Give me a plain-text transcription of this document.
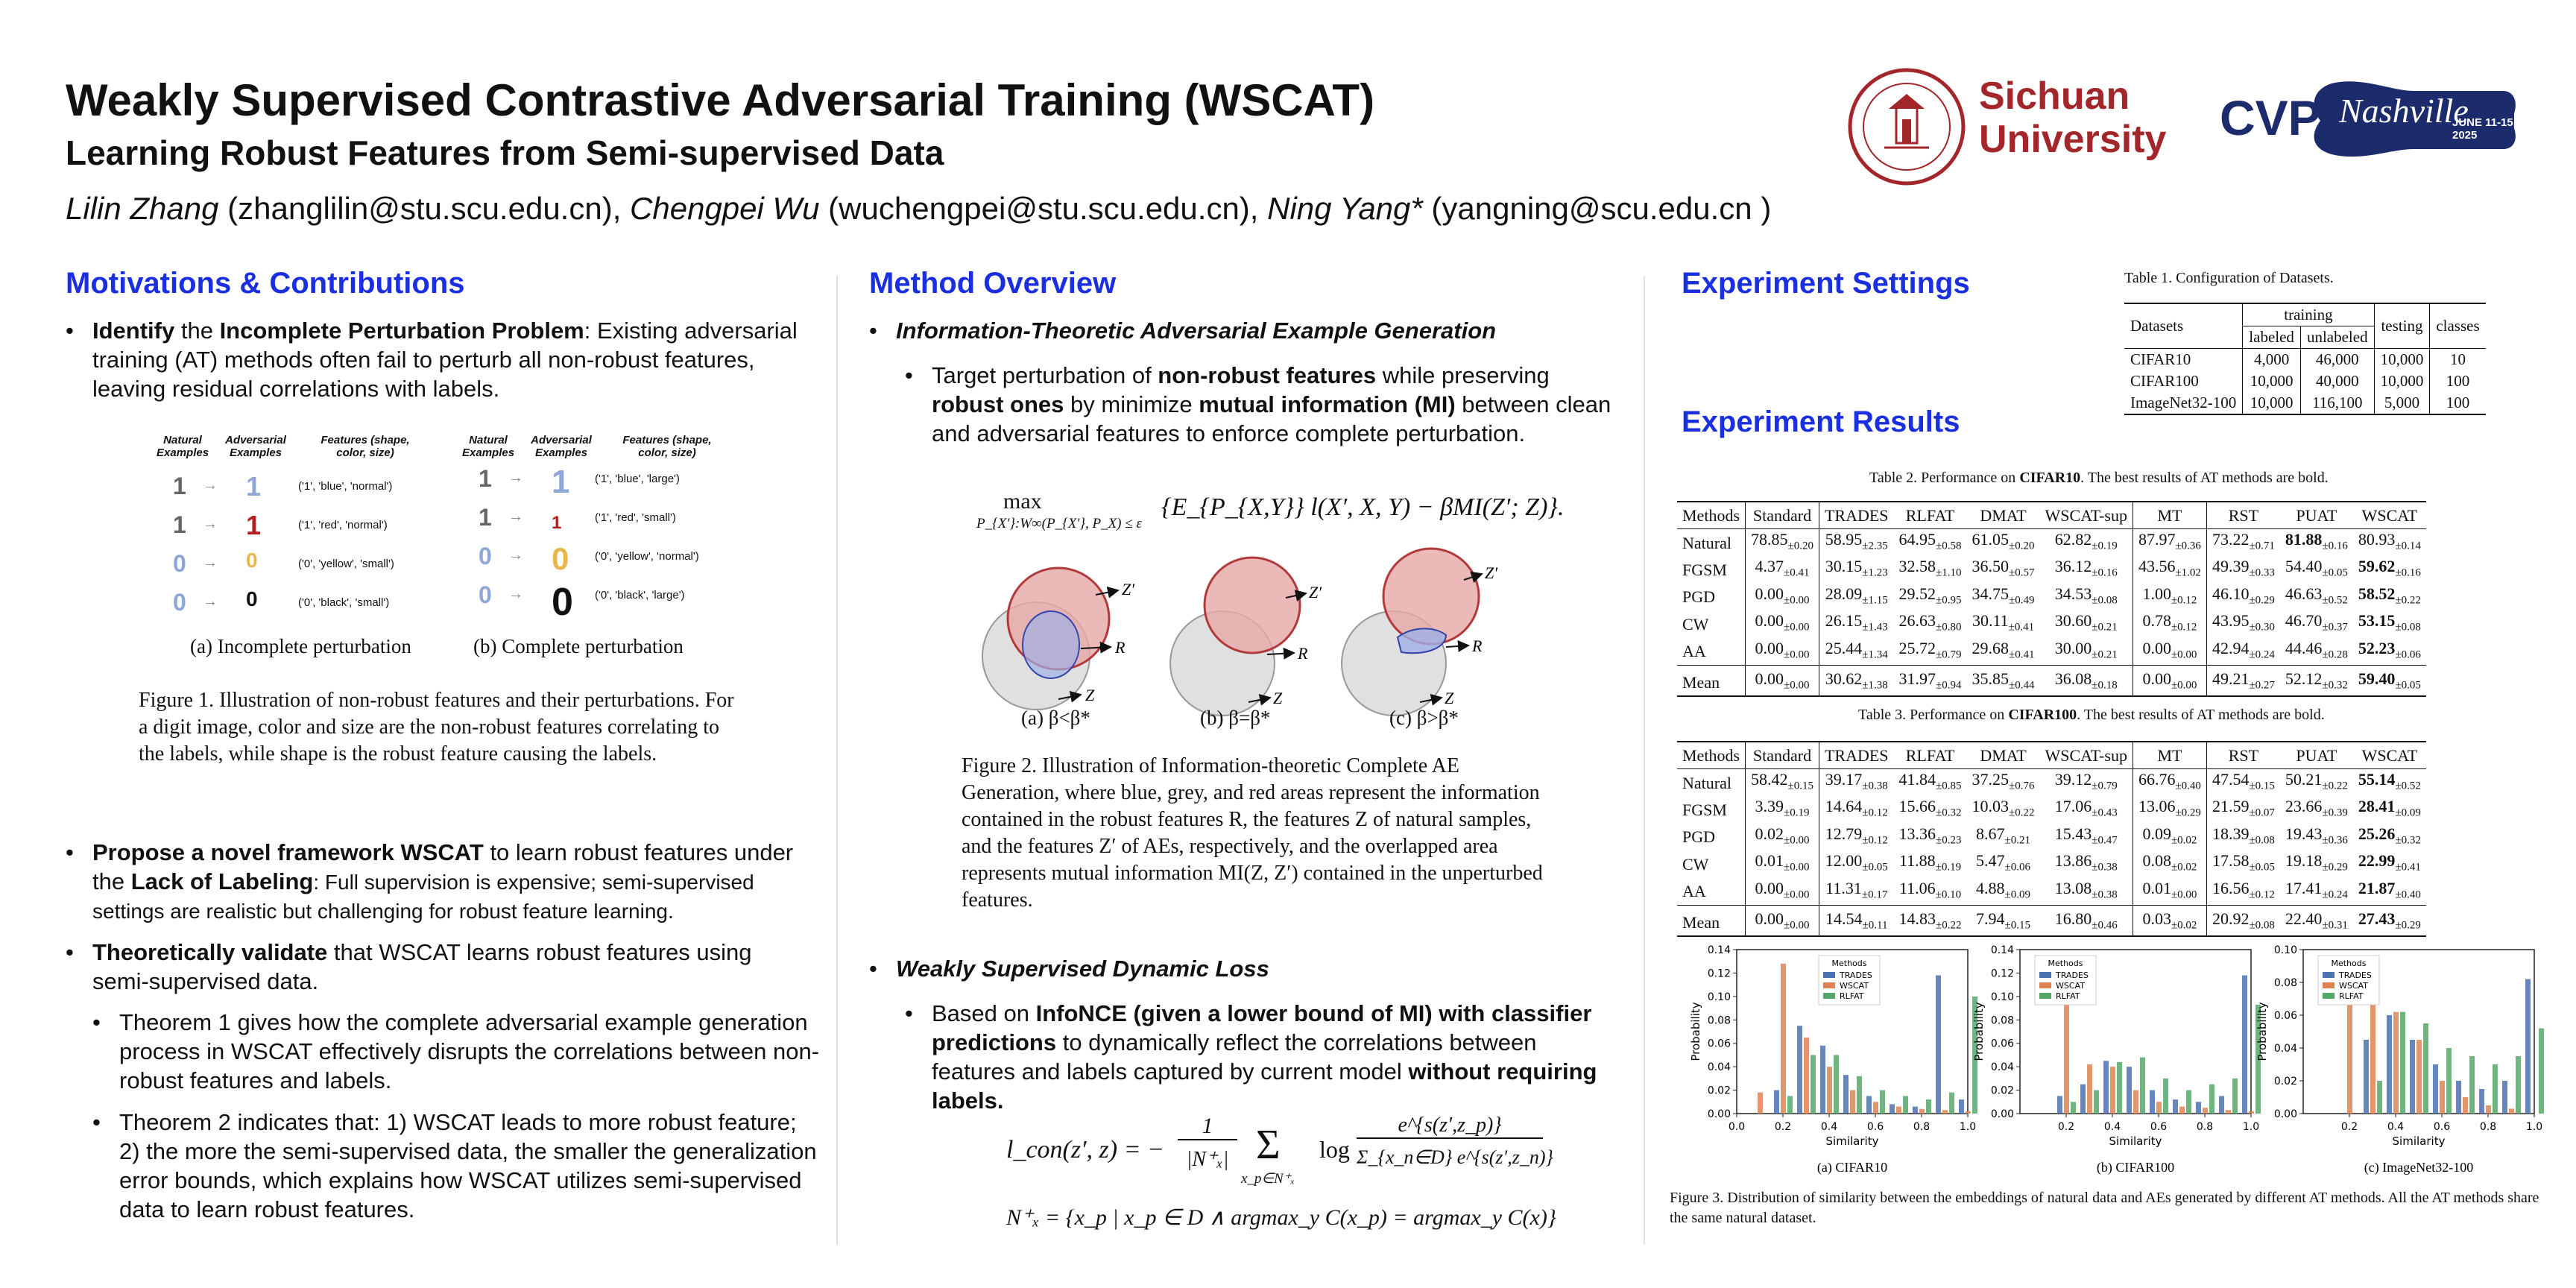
Weakly Supervised Contrastive Adversarial Training (WSCAT)
Learning Robust Features from Semi-supervised Data
Lilin Zhang (zhanglilin@stu.scu.edu.cn), Chengpei Wu (wuchengpei@stu.scu.edu.cn), Ning Yang* (yangning@scu.edu.cn )
Sichuan
University CVPR
Nashville
JUNE 11-15, 2025
Motivations & Contributions
• Identify the Incomplete Perturbation Problem: Existing adversarial training (AT) methods often fail to perturb all non-robust features, leaving residual correlations with labels.
Natural Examples
Adversarial Examples
Features (shape, color, size)
1 → 1	('1', 'blue', 'normal')
1 → 1	('1', 'red', 'normal')
0 → 0	('0', 'yellow', 'small')
0 → 0	('0', 'black', 'small')
Natural Examples
Adversarial Examples
Features (shape, color, size)
1 → 1 ('1', 'blue', 'large')
1 → 1	('1', 'red', 'small')
0 → 0 ('0', 'yellow', 'normal')
0 → 0 ('0', 'black', 'large')
(a) Incomplete perturbation	(b) Complete perturbation
Figure 1. Illustration of non-robust features and their perturbations. For a digit image, color and size are the non-robust features correlating to the labels, while shape is the robust feature causing the labels.
• Propose a novel framework WSCAT to learn robust features under the Lack of Labeling: Full supervision is expensive; semi-supervised settings are realistic but challenging for robust feature learning.
• Theoretically validate that WSCAT learns robust features using semi-supervised data.
• Theorem 1 gives how the complete adversarial example generation process in WSCAT effectively disrupts the correlations between non-robust features and labels.
• Theorem 2 indicates that: 1) WSCAT leads to more robust feature; 2) the more the semi-supervised data, the smaller the generalization error bounds, which explains how WSCAT utilizes semi-supervised data to learn robust features.
Method Overview
• Information-Theoretic Adversarial Example Generation
• Target perturbation of non-robust features while preserving robust ones by minimize mutual information (MI) between clean and adversarial features to enforce complete perturbation.
max
P_{X'}:W∞(P_{X'}, P_X) ≤ ε
{E_{P_{X,Y}} l(X′, X, Y) − βMI(Z′; Z)}.
Z′
R
Z
Z′
R
Z
Z′
R
Z
(a) β<β*	(b) β=β*	(c) β>β*
Figure 2. Illustration of Information-theoretic Complete AE Generation, where blue, grey, and red areas represent the information contained in the robust features R, the features Z of natural samples, and the features Z′ of AEs, respectively, and the overlapped area represents mutual information MI(Z, Z′) contained in the unperturbed features.
• Weakly Supervised Dynamic Loss
• Based on InfoNCE (given a lower bound of MI) with classifier predictions to dynamically reflect the correlations between features and labels captured by current model without requiring labels.
l_con(z′, z) = −
1
|N⁺ₓ| Σ
x_p∈N⁺ₓ
log
e^{s(z′,z_p)}
Σ_{x_n∈D} e^{s(z′,z_n)}
N⁺ₓ = {x_p | x_p ∈ D ∧ argmax_y C(x_p) = argmax_y C(x)}
Experiment Settings
Experiment Results
Table 1. Configuration of Datasets.
Datasets	training		testing	classes
	labeled	unlabeled		
CIFAR10	4,000	46,000	10,000	10
CIFAR100	10,000	40,000	10,000	100
ImageNet32-100	10,000	116,100	5,000	100
Table 2. Performance on CIFAR10. The best results of AT methods are bold.
Methods	Standard	TRADES	RLFAT	DMAT	WSCAT-sup	MT	RST	PUAT	WSCAT
Natural	$78.85_{\pm 0.20}$	$58.95_{\pm 2.35}$	$64.95_{\pm 0.58}$	$61.05_{\pm 0.20}$	$62.82_{\pm 0.19}$	$87.97_{\pm 0.36}$	$73.22_{\pm 0.71}$	$81.88_{\pm 0.16}$	$80.93_{\pm 0.14}$
FGSM	$4.37_{\pm 0.41}$	$30.15_{\pm 1.23}$	$32.58_{\pm 1.10}$	$36.50_{\pm 0.57}$	$36.12_{\pm 0.16}$	$43.56_{\pm 1.02}$	$49.39_{\pm 0.33}$	$54.40_{\pm 0.05}$	$59.62_{\pm 0.16}$
PGD	$0.00_{\pm 0.00}$	$28.09_{\pm 1.15}$	$29.52_{\pm 0.95}$	$34.75_{\pm 0.49}$	$34.53_{\pm 0.08}$	$1.00_{\pm 0.12}$	$46.10_{\pm 0.29}$	$46.63_{\pm 0.52}$	$58.52_{\pm 0.22}$
CW	$0.00_{\pm 0.00}$	$26.15_{\pm 1.43}$	$26.63_{\pm 0.80}$	$30.11_{\pm 0.41}$	$30.60_{\pm 0.21}$	$0.78_{\pm 0.12}$	$43.95_{\pm 0.30}$	$46.70_{\pm 0.37}$	$53.15_{\pm 0.08}$
AA	$0.00_{\pm 0.00}$	$25.44_{\pm 1.34}$	$25.72_{\pm 0.79}$	$29.68_{\pm 0.41}$	$30.00_{\pm 0.21}$	$0.00_{\pm 0.00}$	$42.94_{\pm 0.24}$	$44.46_{\pm 0.28}$	$52.23_{\pm 0.06}$
Mean	$0.00_{\pm 0.00}$	$30.62_{\pm 1.38}$	$31.97_{\pm 0.94}$	$35.85_{\pm 0.44}$	$36.08_{\pm 0.18}$	$0.00_{\pm 0.00}$	$49.21_{\pm 0.27}$	$52.12_{\pm 0.32}$	$59.40_{\pm 0.05}$
Table 3. Performance on CIFAR100. The best results of AT methods are bold.
Methods	Standard	TRADES	RLFAT	DMAT	WSCAT-sup	MT	RST	PUAT	WSCAT
Natural	$58.42_{\pm 0.15}$	$39.17_{\pm 0.38}$	$41.84_{\pm 0.85}$	$37.25_{\pm 0.76}$	$39.12_{\pm 0.79}$	$66.76_{\pm 0.40}$	$47.54_{\pm 0.15}$	$50.21_{\pm 0.22}$	$55.14_{\pm 0.52}$
FGSM	$3.39_{\pm 0.19}$	$14.64_{\pm 0.12}$	$15.66_{\pm 0.32}$	$10.03_{\pm 0.22}$	$17.06_{\pm 0.43}$	$13.06_{\pm 0.29}$	$21.59_{\pm 0.07}$	$23.66_{\pm 0.39}$	$28.41_{\pm 0.09}$
PGD	$0.02_{\pm 0.00}$	$12.79_{\pm 0.12}$	$13.36_{\pm 0.23}$	$8.67_{\pm 0.21}$	$15.43_{\pm 0.47}$	$0.09_{\pm 0.02}$	$18.39_{\pm 0.08}$	$19.43_{\pm 0.36}$	$25.26_{\pm 0.32}$
CW	$0.01_{\pm 0.00}$	$12.00_{\pm 0.05}$	$11.88_{\pm 0.19}$	$5.47_{\pm 0.06}$	$13.86_{\pm 0.38}$	$0.08_{\pm 0.02}$	$17.58_{\pm 0.05}$	$19.18_{\pm 0.29}$	$22.99_{\pm 0.41}$
AA	$0.00_{\pm 0.00}$	$11.31_{\pm 0.17}$	$11.06_{\pm 0.10}$	$4.88_{\pm 0.09}$	$13.08_{\pm 0.38}$	$0.01_{\pm 0.00}$	$16.56_{\pm 0.12}$	$17.41_{\pm 0.24}$	$21.87_{\pm 0.40}$
Mean	$0.00_{\pm 0.00}$	$14.54_{\pm 0.11}$	$14.83_{\pm 0.22}$	$7.94_{\pm 0.15}$	$16.80_{\pm 0.46}$	$0.03_{\pm 0.02}$	$20.92_{\pm 0.08}$	$22.40_{\pm 0.31}$	$27.43_{\pm 0.29}$
0.00
0.02
0.04
0.06
0.08
0.10
0.12
0.14
0.0	0.2	0.4	0.6	0.8	1.0
Similarity
Probability
Methods
TRADES
WSCAT
RLFAT
(a) CIFAR10
0.00
0.02
0.04
0.06
0.08
0.10
0.12
0.14
0.2	0.4	0.6	0.8	1.0
Similarity
Probability
Methods
TRADES
WSCAT
RLFAT
(b) CIFAR100
0.00
0.02
0.04
0.06
0.08
0.10
0.2	0.4	0.6	0.8	1.0
Similarity
Probability
Methods
TRADES
WSCAT
RLFAT
(c) ImageNet32-100
Figure 3. Distribution of similarity between the embeddings of natural data and AEs generated by different AT methods. All the AT methods share the same natural dataset.
